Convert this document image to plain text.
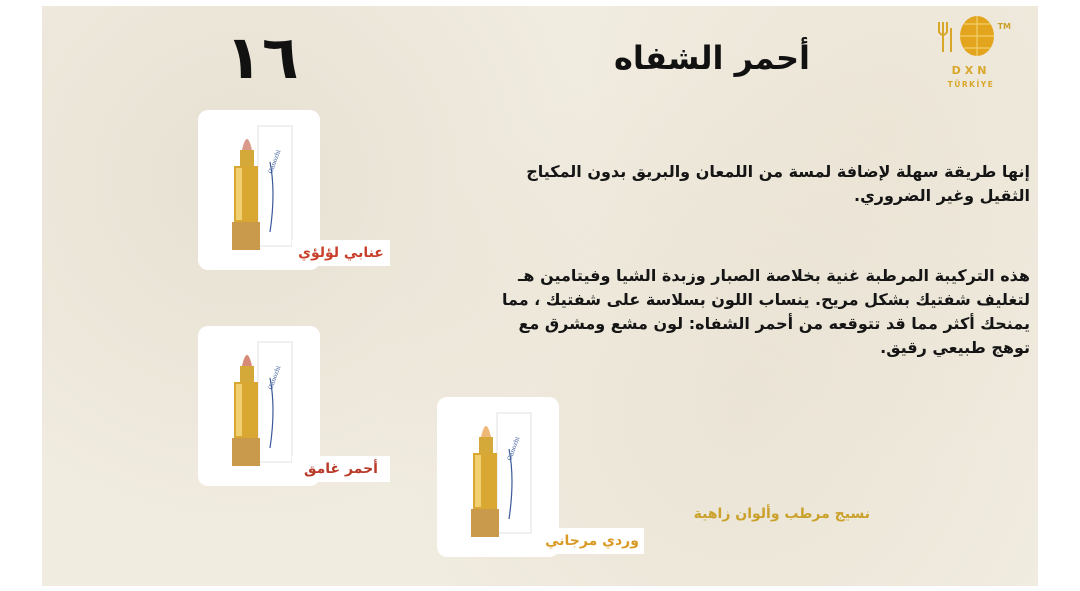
١٦	أحمر الشفاه
TM
DXN
TÜRKİYE
إنها طريقة سهلة لإضافة لمسة من اللمعان والبريق بدون المكياج الثقيل وغير الضروري.
هذه التركيبة المرطبة غنية بخلاصة الصبار وزبدة الشيا وفيتامين هـ لتغليف شفتيك بشكل مريح. ينساب اللون بسلاسة على شفتيك ، مما يمنحك أكثر مما قد تتوقعه من أحمر الشفاه: لون مشع ومشرق مع توهج طبيعي رقيق.
Ganozhi
عنابي لؤلؤي
Ganozhi
أحمر غامق
Ganozhi
وردي مرجاني
نسيج مرطب وألوان زاهية
